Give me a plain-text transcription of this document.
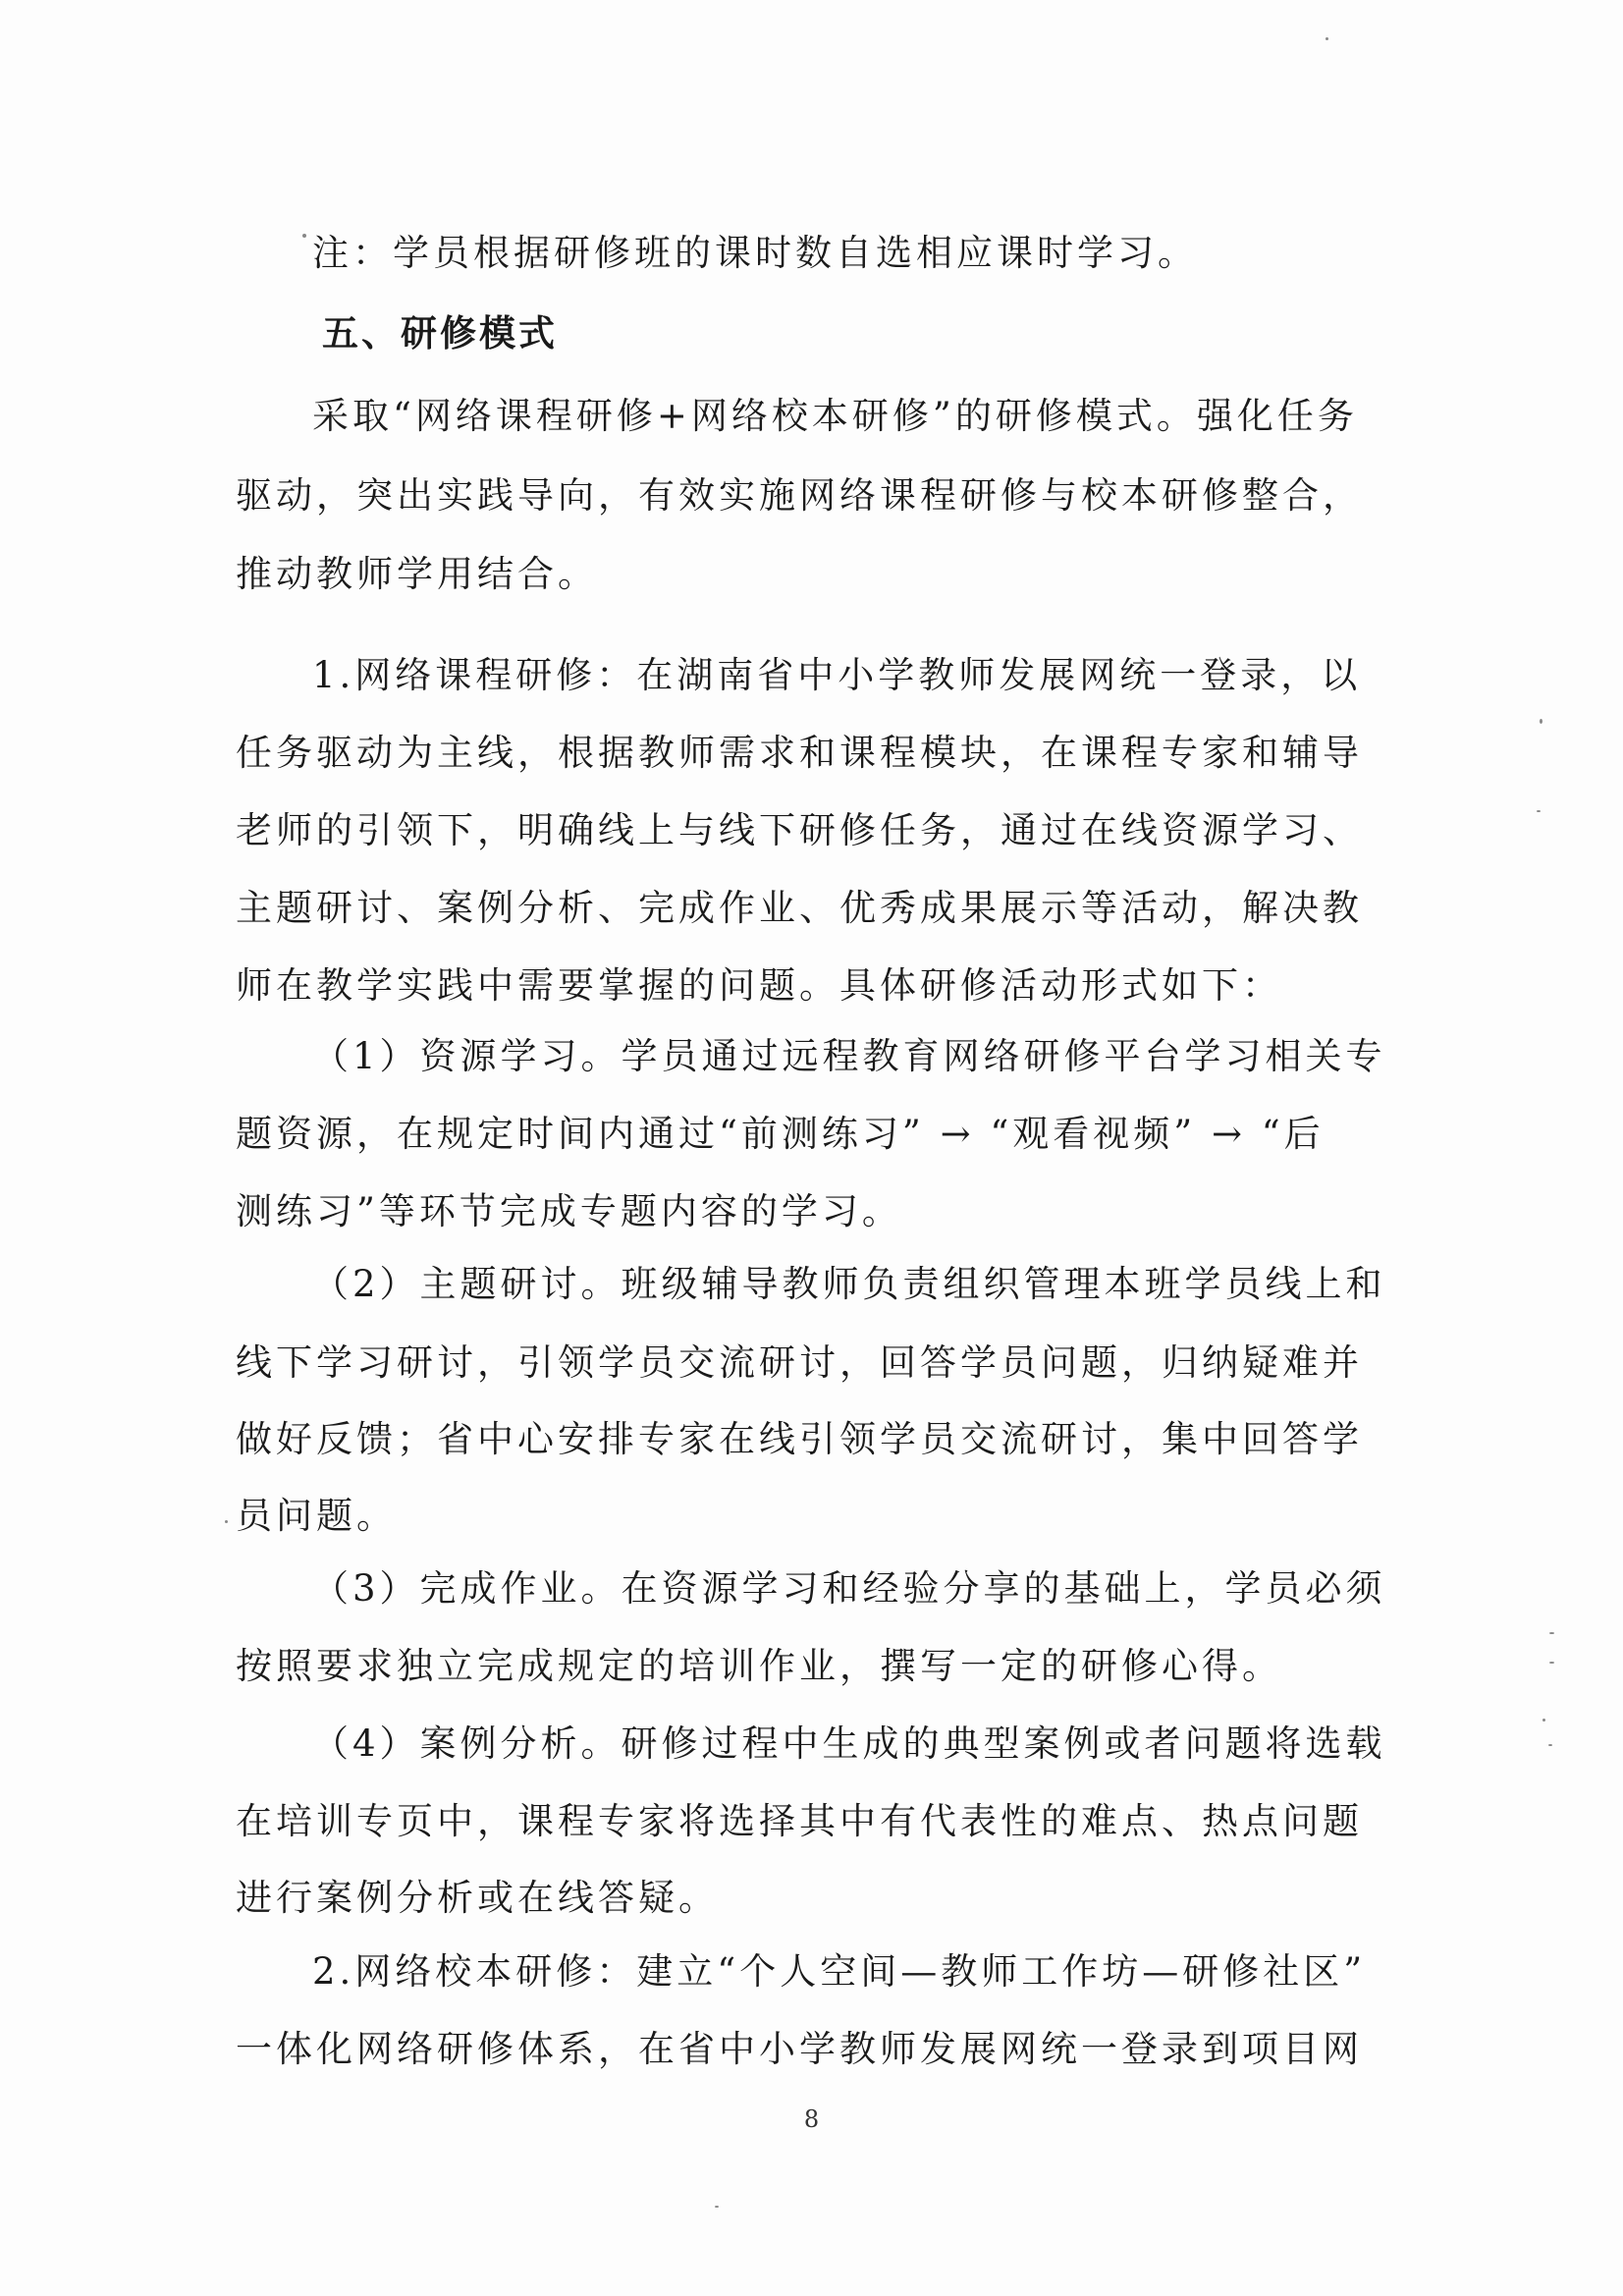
注：学员根据研修班的课时数自选相应课时学习。
五、研修模式
采取“网络课程研修+网络校本研修”的研修模式。强化任务
驱动，突出实践导向，有效实施网络课程研修与校本研修整合，
推动教师学用结合。
1.网络课程研修：在湖南省中小学教师发展网统一登录，以
任务驱动为主线，根据教师需求和课程模块，在课程专家和辅导
老师的引领下，明确线上与线下研修任务，通过在线资源学习、
主题研讨、案例分析、完成作业、优秀成果展示等活动，解决教
师在教学实践中需要掌握的问题。具体研修活动形式如下：
（1）资源学习。学员通过远程教育网络研修平台学习相关专
题资源，在规定时间内通过“前测练习” → “观看视频” → “后
测练习”等环节完成专题内容的学习。
（2）主题研讨。班级辅导教师负责组织管理本班学员线上和
线下学习研讨，引领学员交流研讨，回答学员问题，归纳疑难并
做好反馈；省中心安排专家在线引领学员交流研讨，集中回答学
员问题。
（3）完成作业。在资源学习和经验分享的基础上，学员必须
按照要求独立完成规定的培训作业，撰写一定的研修心得。
（4）案例分析。研修过程中生成的典型案例或者问题将选载
在培训专页中，课程专家将选择其中有代表性的难点、热点问题
进行案例分析或在线答疑。
2.网络校本研修：建立“个人空间—教师工作坊—研修社区”
一体化网络研修体系，在省中小学教师发展网统一登录到项目网
8
